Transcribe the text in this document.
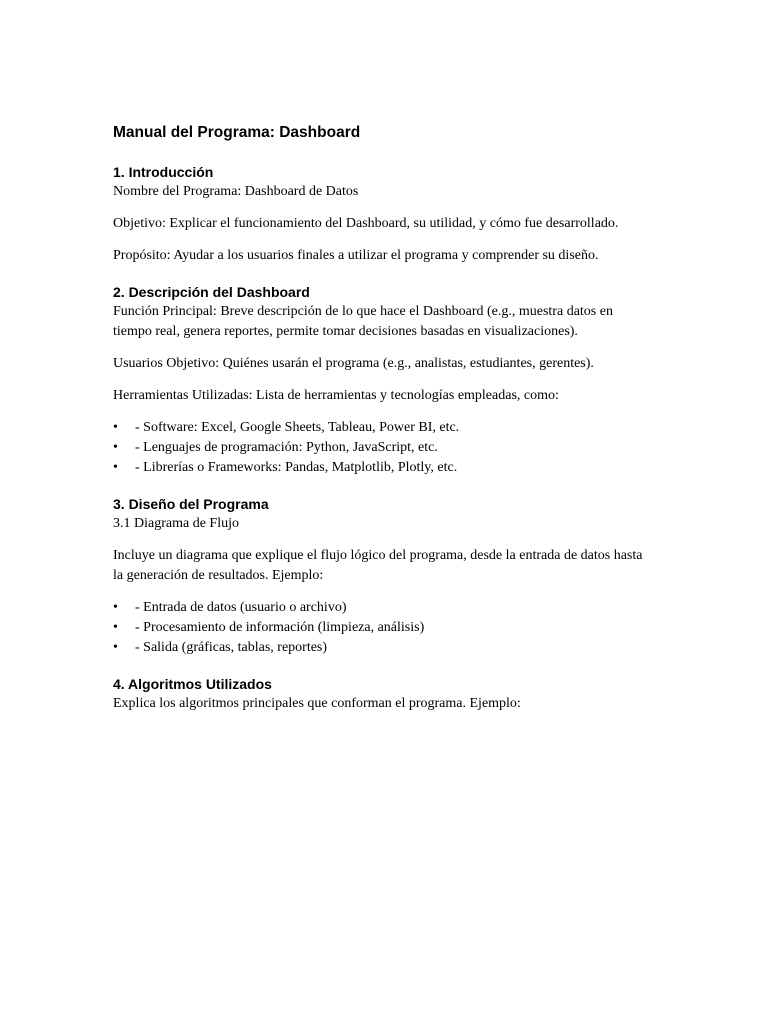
Manual del Programa: Dashboard

1. Introducción

Nombre del Programa: Dashboard de Datos

Objetivo: Explicar el funcionamiento del Dashboard, su utilidad, y cómo fue desarrollado.

Propósito: Ayudar a los usuarios finales a utilizar el programa y comprender su diseño.

2. Descripción del Dashboard

Función Principal: Breve descripción de lo que hace el Dashboard (e.g., muestra datos en tiempo real, genera reportes, permite tomar decisiones basadas en visualizaciones).

Usuarios Objetivo: Quiénes usarán el programa (e.g., analistas, estudiantes, gerentes).

Herramientas Utilizadas: Lista de herramientas y tecnologías empleadas, como:

• - Software: Excel, Google Sheets, Tableau, Power BI, etc.
• - Lenguajes de programación: Python, JavaScript, etc.
• - Librerías o Frameworks: Pandas, Matplotlib, Plotly, etc.

3. Diseño del Programa

3.1 Diagrama de Flujo

Incluye un diagrama que explique el flujo lógico del programa, desde la entrada de datos hasta la generación de resultados. Ejemplo:

• - Entrada de datos (usuario o archivo)
• - Procesamiento de información (limpieza, análisis)
• - Salida (gráficas, tablas, reportes)

4. Algoritmos Utilizados

Explica los algoritmos principales que conforman el programa. Ejemplo:
